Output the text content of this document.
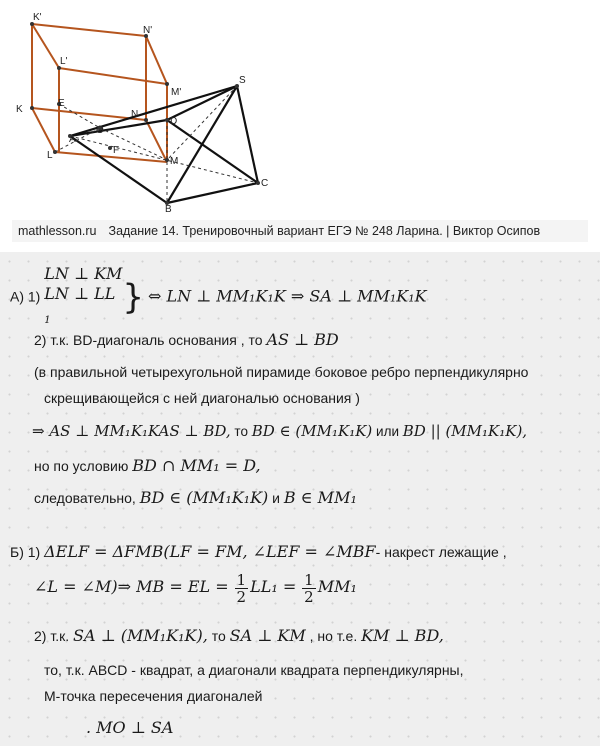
K'
N'
L'
M'
K
E
N
D
S
A
O
L	F
M
C
B
mathlesson.ru Задание 14. Тренировочный вариант ЕГЭ № 248 Ларина. | Виктор Осипов
А) 1)
LN ⊥ KM
LN ⊥ LL
$_1$
} ⇔ LN ⊥ MM₁K₁K ⇒ SA ⊥ MM₁K₁K
2) т.к. BD-диагональ основания , то AS ⊥ BD
(в правильной четырехугольной пирамиде боковое ребро перпендикулярно
скрещивающейся с ней диагональю основания )
⇒ AS ⊥ MM₁K₁KAS ⊥ BD, то BD ∈ (MM₁K₁K) или BD || (MM₁K₁K),
но по условию BD ∩ MM₁ = D,
следовательно, BD ∈ (MM₁K₁K) и B ∈ MM₁
Б) 1) ΔELF = ΔFMB(LF = FM, ∠LEF = ∠MBF- накрест лежащие ,
∠L = ∠M)⇒ MB = EL = $\frac{1}{2} LL_1 = \frac{1}{2} MM_1$
2) т.к. SA ⊥ (MM₁K₁K), то SA ⊥ KM , но т.е. KM ⊥ BD,
то, т.к. ABCD - квадрат, а диагонали квадрата перпендикулярны,
М-точка пересечения диагоналей
. MO ⊥ SA
